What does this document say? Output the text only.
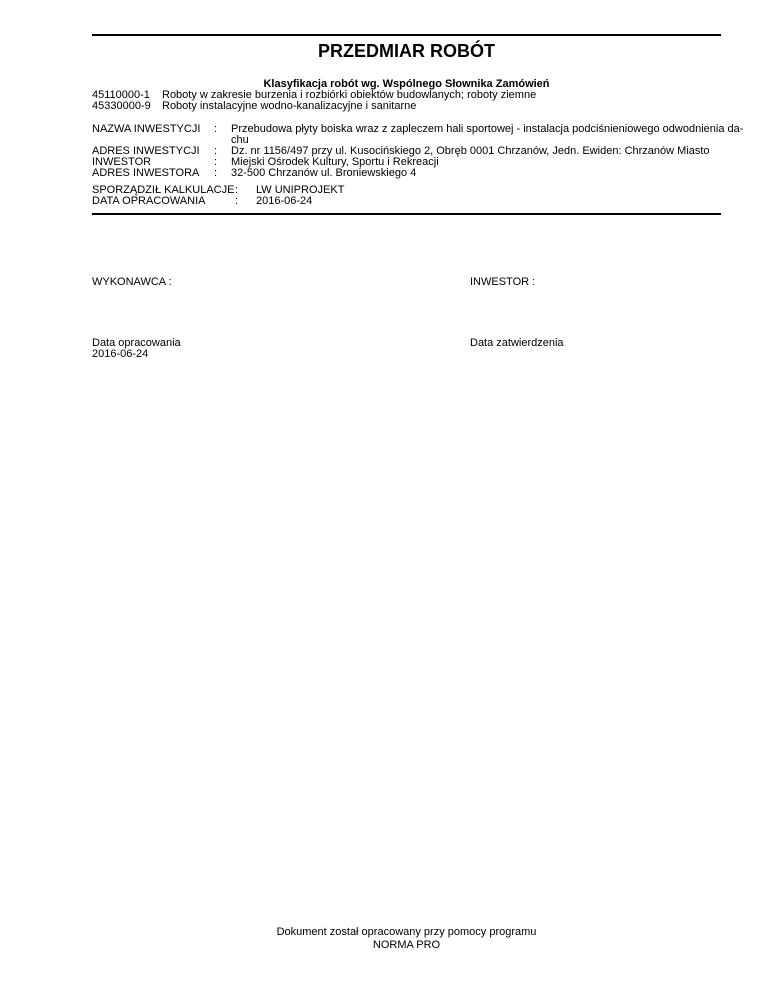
PRZEDMIAR ROBÓT
Klasyfikacja robót wg. Wspólnego Słownika Zamówień
45110000-1 Roboty w zakresie burzenia i rozbiórki obiektów budowlanych; roboty ziemne
45330000-9 Roboty instalacyjne wodno-kanalizacyjne i sanitarne
NAZWA INWESTYCJI : Przebudowa płyty boiska wraz z zapleczem hali sportowej - instalacja podciśnieniowego odwodnienia da-
chu
ADRES INWESTYCJI : Dz. nr 1156/497 przy ul. Kusocińskiego 2, Obręb 0001 Chrzanów, Jedn. Ewiden: Chrzanów Miasto
INWESTOR	: Miejski Ośrodek Kultury, Sportu i Rekreacji
ADRES INWESTORA : 32-500 Chrzanów ul. Broniewskiego 4
SPORZĄDZIŁ KALKULACJE : LW UNIPROJEKT
DATA OPRACOWANIA	: 2016-06-24
WYKONAWCA :	INWESTOR :
Data opracowania
2016-06-24
Data zatwierdzenia
Dokument został opracowany przy pomocy programu
NORMA PRO
